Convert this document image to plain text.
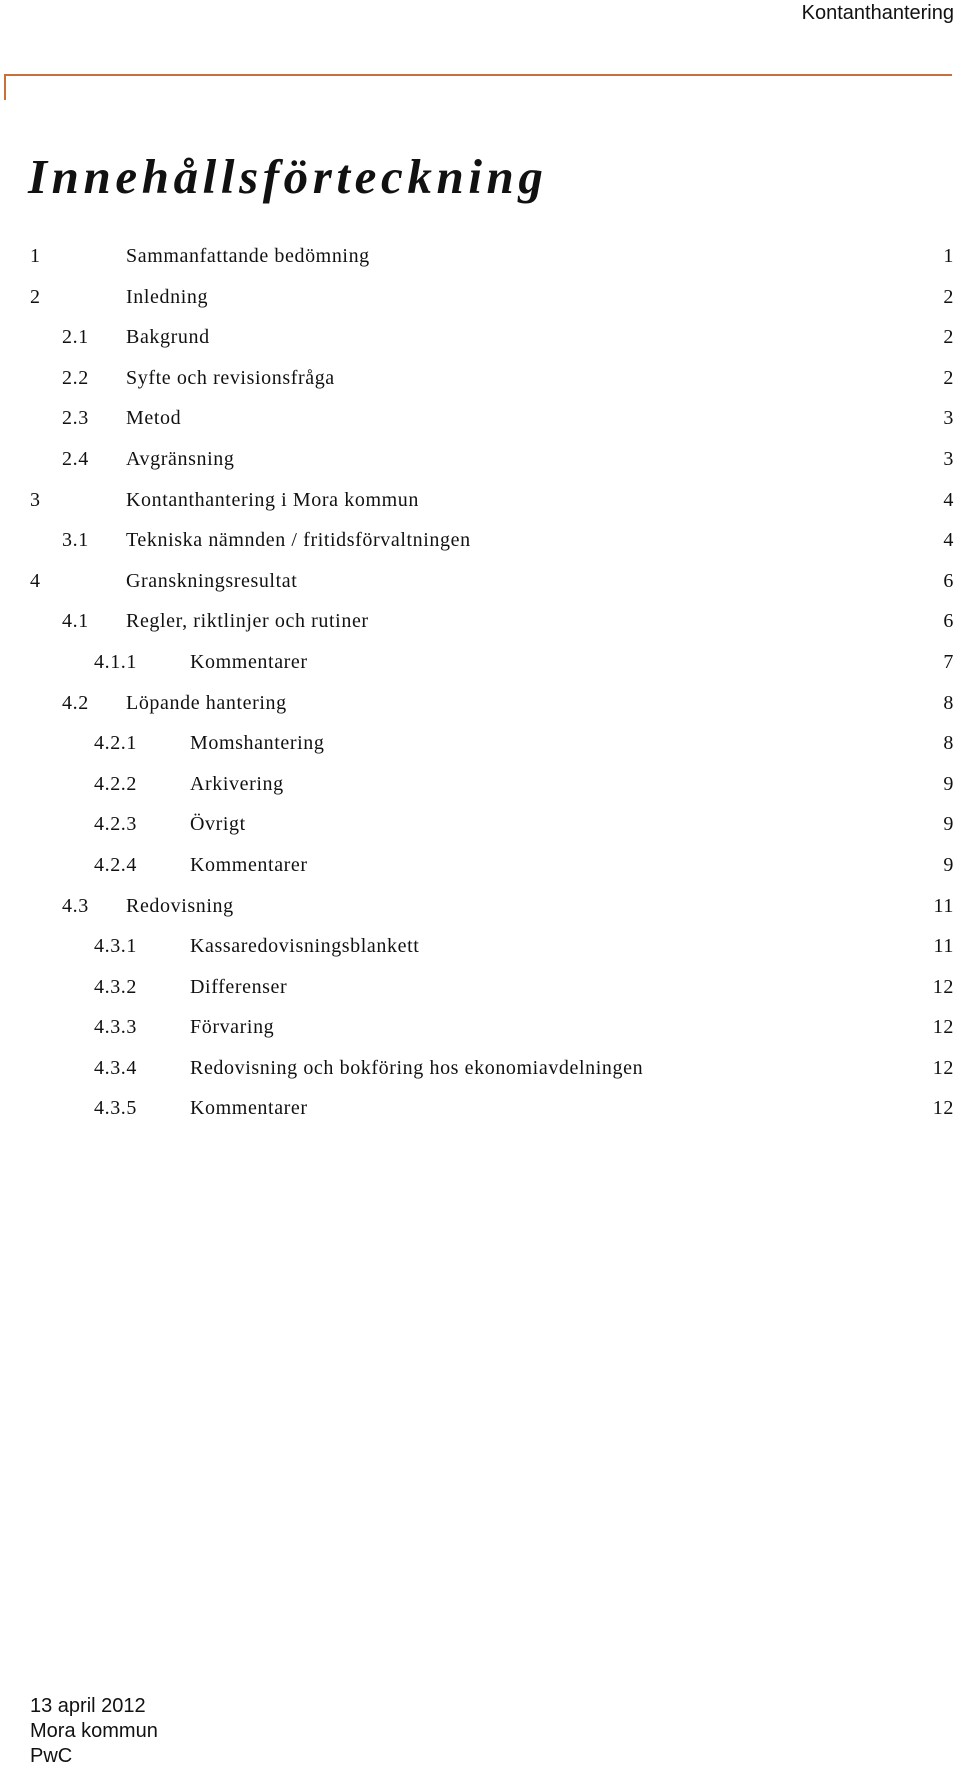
Kontanthantering
Innehållsförteckning
1	Sammanfattande bedömning	1
2	Inledning	2
2.1 Bakgrund	2
2.2 Syfte och revisionsfråga	2
2.3 Metod	3
2.4 Avgränsning	3
3	Kontanthantering i Mora kommun	4
3.1 Tekniska nämnden / fritidsförvaltningen	4
4	Granskningsresultat	6
4.1 Regler, riktlinjer och rutiner	6
4.1.1	Kommentarer	7
4.2 Löpande hantering	8
4.2.1	Momshantering	8
4.2.2	Arkivering	9
4.2.3	Övrigt	9
4.2.4	Kommentarer	9
4.3 Redovisning	11
4.3.1	Kassaredovisningsblankett	11
4.3.2	Differenser	12
4.3.3	Förvaring	12
4.3.4	Redovisning och bokföring hos ekonomiavdelningen	12
4.3.5	Kommentarer	12
13 april 2012
Mora kommun
PwC
